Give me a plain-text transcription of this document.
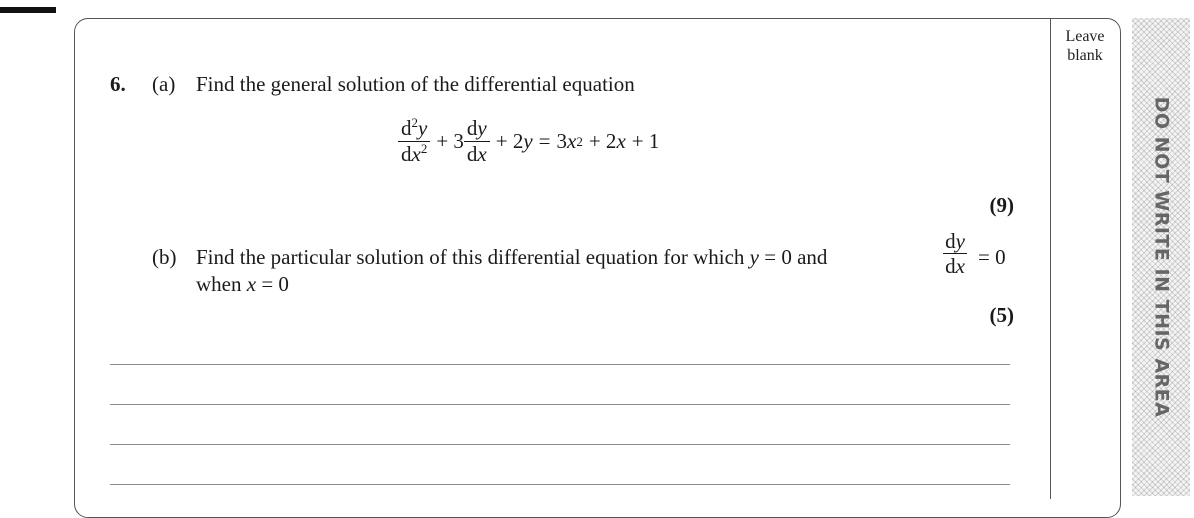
Leave blank
DO NOT WRITE IN THIS AREA
6. (a) Find the general solution of the differential equation
$\frac{d^2y}{dx^2} + 3 \frac{dy}{dx} + 2$ y = 3 x 2 + 2 x + 1
(9)
(b) Find the particular solution of this differential equation for which y = 0 and	$\frac{dy}{dx} = 0$
when x = 0
(5)
